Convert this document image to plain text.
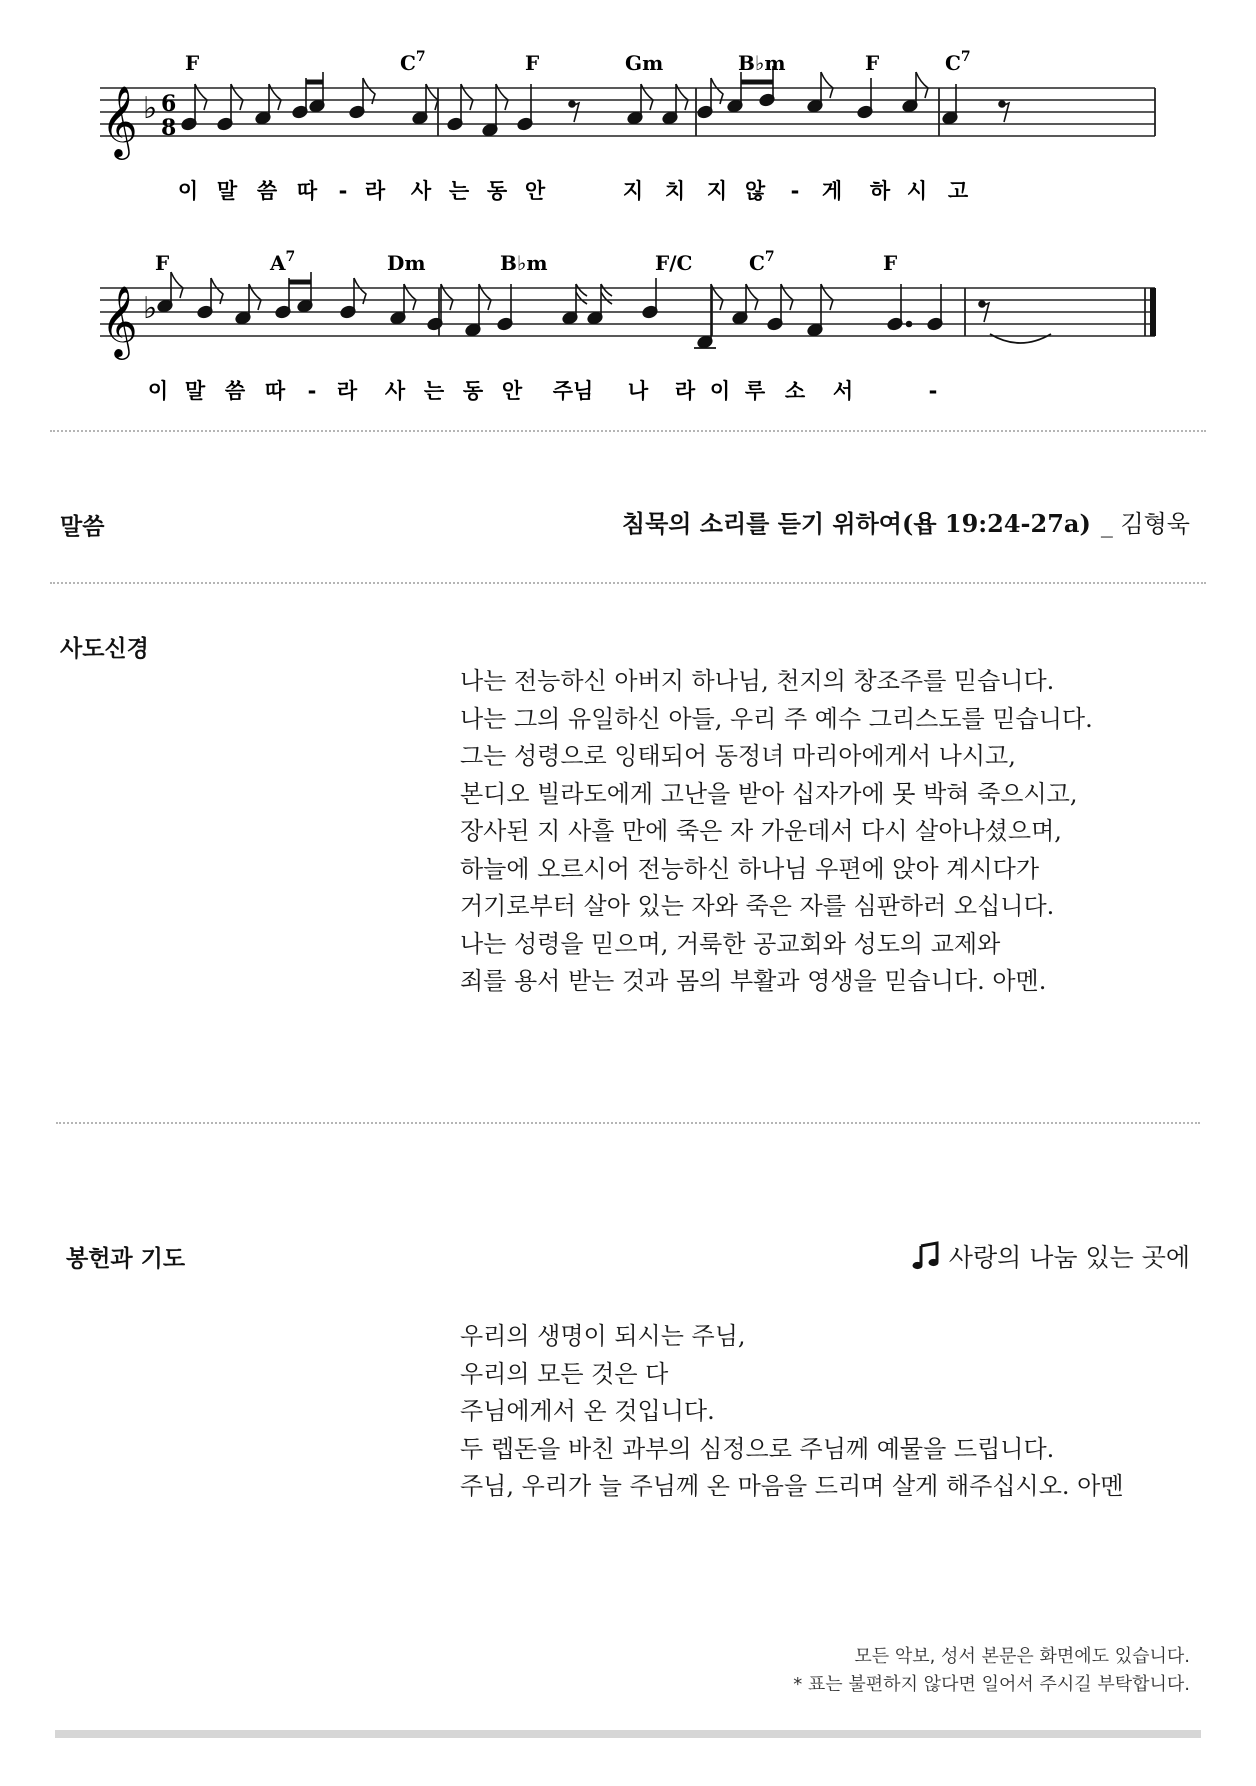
𝄞 ♭ 6
8
F	$C^7$	F	Gm	B♭m	F	$C^7$
이 말 씀 따 - 라 사 는 동 안	지 치 지 않 - 게 하 시 고
𝄞 ♭
F	$A^7$	Dm	B♭m	F/C	$C^7$	F
이 말 씀 따 - 라 사 는 동 안 주님 나 라 이 루 소 서	-
말씀	침묵의 소리를 듣기 위하여(욥 19:24-27a) _ 김형욱
사도신경

나는 전능하신 아버지 하나님, 천지의 창조주를 믿습니다.

나는 그의 유일하신 아들, 우리 주 예수 그리스도를 믿습니다.

그는 성령으로 잉태되어 동정녀 마리아에게서 나시고,

본디오 빌라도에게 고난을 받아 십자가에 못 박혀 죽으시고,

장사된 지 사흘 만에 죽은 자 가운데서 다시 살아나셨으며,

하늘에 오르시어 전능하신 하나님 우편에 앉아 계시다가

거기로부터 살아 있는 자와 죽은 자를 심판하러 오십니다.

나는 성령을 믿으며, 거룩한 공교회와 성도의 교제와

죄를 용서 받는 것과 몸의 부활과 영생을 믿습니다. 아멘.

봉헌과 기도	사랑의 나눔 있는 곳에

우리의 생명이 되시는 주님,

우리의 모든 것은 다

주님에게서 온 것입니다.

두 렙돈을 바친 과부의 심정으로 주님께 예물을 드립니다.

주님, 우리가 늘 주님께 온 마음을 드리며 살게 해주십시오. 아멘

모든 악보, 성서 본문은 화면에도 있습니다.

* 표는 불편하지 않다면 일어서 주시길 부탁합니다.
